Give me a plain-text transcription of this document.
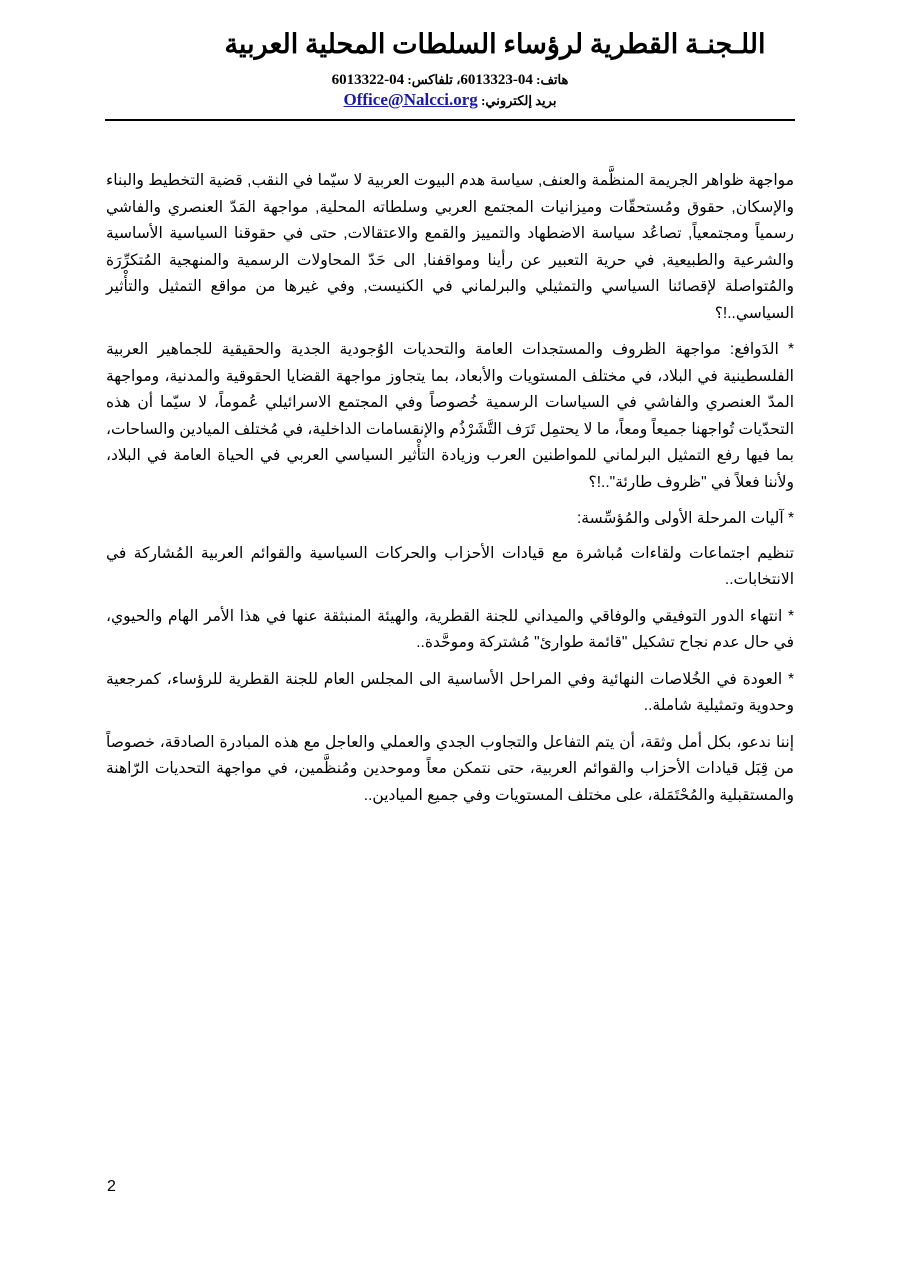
اللـجنـة القطرية لرؤساء السلطات المحلية العربية
هاتف: 04-6013323، تلفاكس: 04-6013322
بريد إلكتروني: Office@Nalcci.org

مواجهة ظواهر الجريمة المنظَّمة والعنف, سياسة هدم البيوت العربية لا سيّما في النقب, قضية التخطيط والبناء والإسكان, حقوق ومُستحقّات وميزانيات المجتمع العربي وسلطاته المحلية, مواجهة المَدّ العنصري والفاشي رسمياً ومجتمعياً, تصاعُد سياسة الاضطهاد والتمييز والقمع والاعتقالات, حتى في حقوقنا السياسية الأساسية والشرعية والطبيعية, في حرية التعبير عن رأينا ومواقفنا, الى حَدّ المحاولات الرسمية والمنهجية المُتكرِّرَة والمُتواصلة لإقصائنا السياسي والتمثيلي والبرلماني في الكنيست, وفي غيرها من مواقع التمثيل والتأْثير السياسي..!؟

* الدَوافع: مواجهة الظروف والمستجدات العامة والتحديات الوُجودية الجدية والحقيقية للجماهير العربية الفلسطينية في البلاد، في مختلف المستويات والأبعاد، بما يتجاوز مواجهة القضايا الحقوقية والمدنية، ومواجهة المدّ العنصري والفاشي في السياسات الرسمية خُصوصاً وفي المجتمع الاسرائيلي عُموماً، لا سيّما أن هذه التحدّيات تُواجهنا جميعاً ومعاً، ما لا يحتمِل تَرَف التَّشَرْذُم والإنقسامات الداخلية، في مُختلف الميادين والساحات، بما فيها رفع التمثيل البرلماني للمواطنين العرب وزيادة التأْثير السياسي العربي في الحياة العامة في البلاد، ولأننا فعلاً في "ظروف طارئة"..!؟

* آليات المرحلة الأولى والمُؤسِّسة:

تنظيم اجتماعات ولقاءات مُباشرة مع قيادات الأحزاب والحركات السياسية والقوائم العربية المُشاركة في الانتخابات..

* انتهاء الدور التوفيقي والوفاقي والميداني للجنة القطرية، والهيئة المنبثقة عنها في هذا الأمر الهام والحيوي، في حال عدم نجاح تشكيل "قائمة طوارئ" مُشتركة وموحَّدة..

* العودة في الخُلاصات النهائية وفي المراحل الأساسية الى المجلس العام للجنة القطرية للرؤساء، كمرجعية وحدوية وتمثيلية شاملة..

إننا ندعو، بكل أمل وثقة، أن يتم التفاعل والتجاوب الجدي والعملي والعاجل مع هذه المبادرة الصادقة، خصوصاً من قِبَل قيادات الأحزاب والقوائم العربية، حتى نتمكن معاً وموحدين ومُنظَّمين، في مواجهة التحديات الرّاهنة والمستقبلية والمُحْتَمَلة، على مختلف المستويات وفي جميع الميادين..

2
